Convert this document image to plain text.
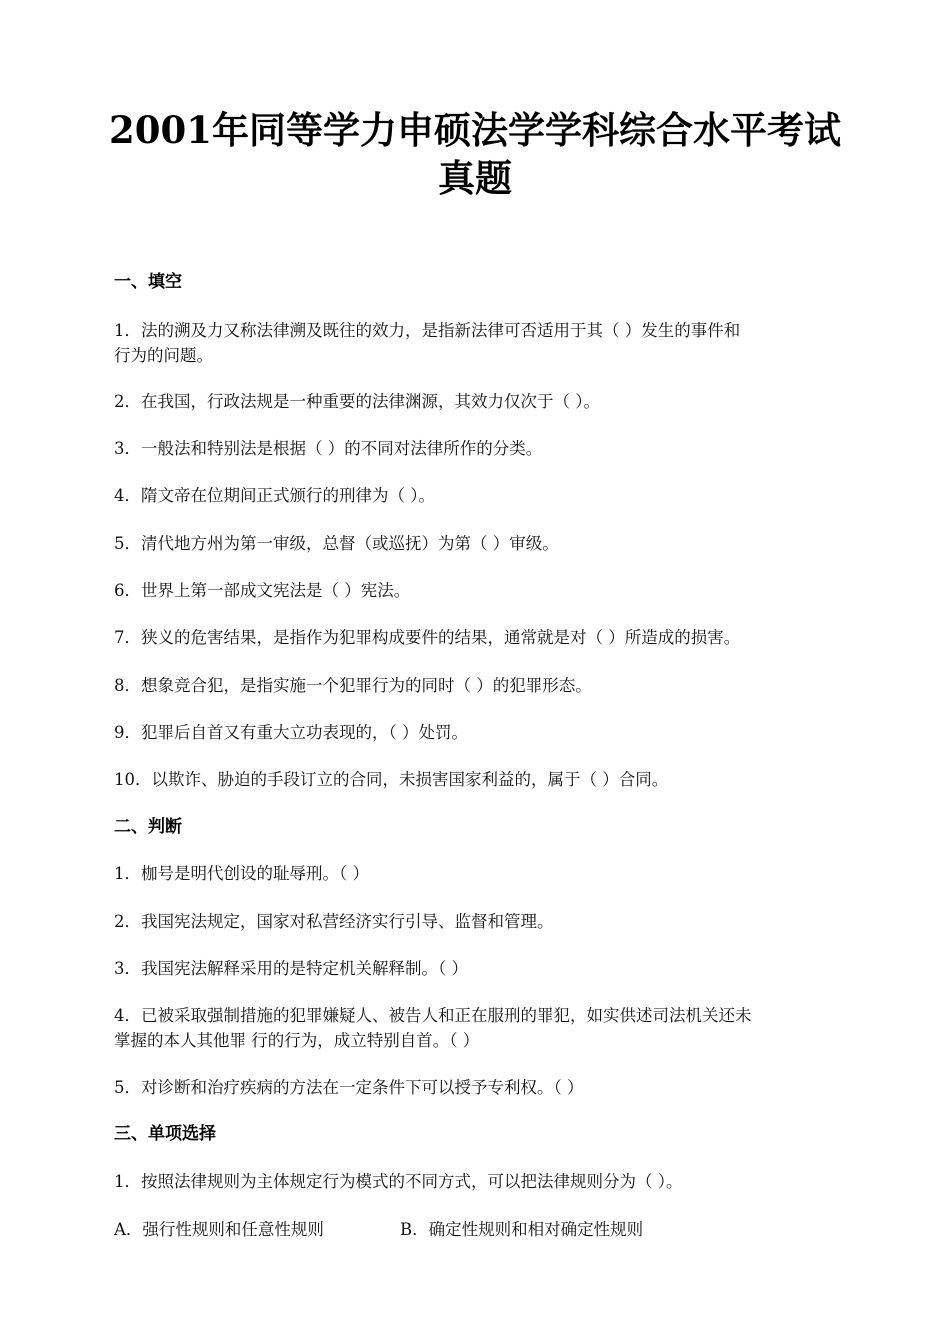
2001年同等学力申硕法学学科综合水平考试
真题
一、填空
1．法的溯及力又称法律溯及既往的效力，是指新法律可否适用于其（ ）发生的事件和
行为的问题。
2．在我国，行政法规是一种重要的法律渊源，其效力仅次于（ ）。
3．一般法和特别法是根据（ ）的不同对法律所作的分类。
4．隋文帝在位期间正式颁行的刑律为（ ）。
5．清代地方州为第一审级，总督（或巡抚）为第（ ）审级。
6．世界上第一部成文宪法是（ ）宪法。
7．狭义的危害结果，是指作为犯罪构成要件的结果，通常就是对（ ）所造成的损害。
8．想象竞合犯，是指实施一个犯罪行为的同时（ ）的犯罪形态。
9．犯罪后自首又有重大立功表现的，（ ）处罚。
10．以欺诈、胁迫的手段订立的合同，未损害国家利益的，属于（ ）合同。
二、判断
1．枷号是明代创设的耻辱刑。（ ）
2．我国宪法规定，国家对私营经济实行引导、监督和管理。
3．我国宪法解释采用的是特定机关解释制。（ ）
4．已被采取强制措施的犯罪嫌疑人、被告人和正在服刑的罪犯，如实供述司法机关还未
掌握的本人其他罪 行的行为，成立特别自首。（ ）
5．对诊断和治疗疾病的方法在一定条件下可以授予专利权。（ ）
三、单项选择
1．按照法律规则为主体规定行为模式的不同方式，可以把法律规则分为（ ）。
A．强行性规则和任意性规则	B．确定性规则和相对确定性规则
